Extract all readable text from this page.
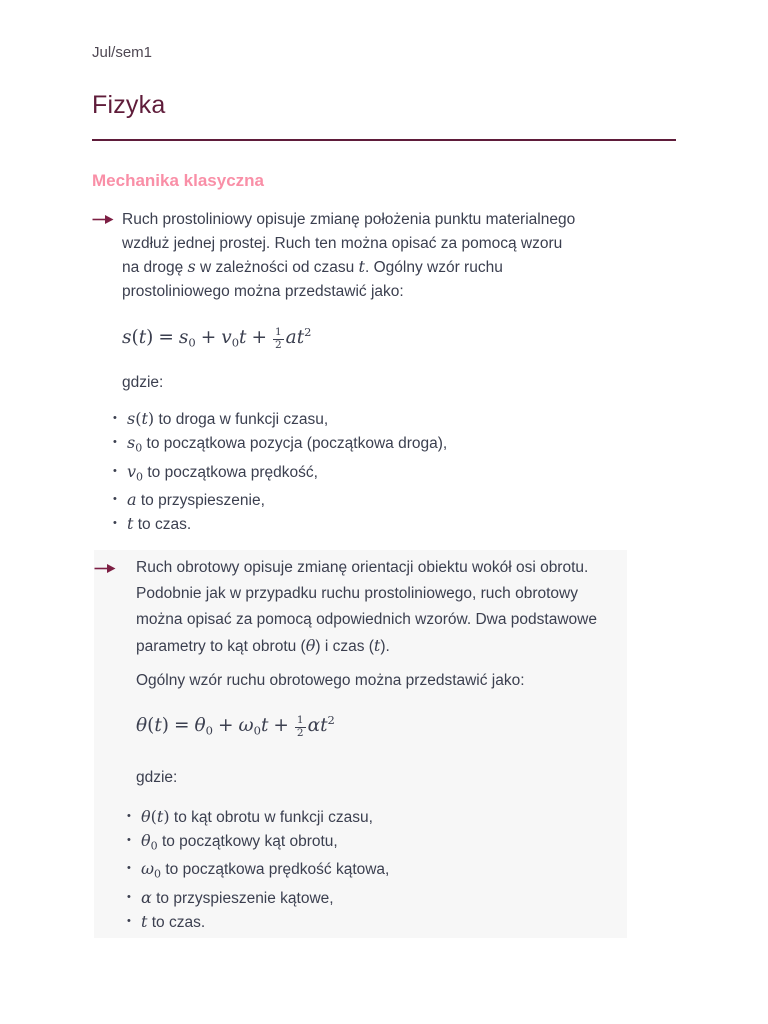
Jul/sem1
Fizyka
Mechanika klasyczna

Ruch prostoliniowy opisuje zmianę położenia punktu materialnego wzdłuż jednej prostej. Ruch ten można opisać za pomocą wzoru na drogę s w zależności od czasu t. Ogólny wzór ruchu prostoliniowego można przedstawić jako:

$s(t) = s0 + v0t + \frac{1}{2} at^2$

gdzie:

• s(t) to droga w funkcji czasu,
• $s_0$ to początkowa pozycja (początkowa droga),
• $v_0$ to początkowa prędkość,
• a to przyspieszenie,
• t to czas.

Ruch obrotowy opisuje zmianę orientacji obiektu wokół osi obrotu. Podobnie jak w przypadku ruchu prostoliniowego, ruch obrotowy można opisać za pomocą odpowiednich wzorów. Dwa podstawowe parametry to kąt obrotu (θ) i czas (t).

Ogólny wzór ruchu obrotowego można przedstawić jako:

$\theta(t) = \theta 0 + \omega 0t + \frac{1}{2} \alpha t^2$

gdzie:

• θ(t) to kąt obrotu w funkcji czasu,
• $\theta_0$ to początkowy kąt obrotu,
• $\omega_0$ to początkowa prędkość kątowa,
• α to przyspieszenie kątowe,
• t to czas.
